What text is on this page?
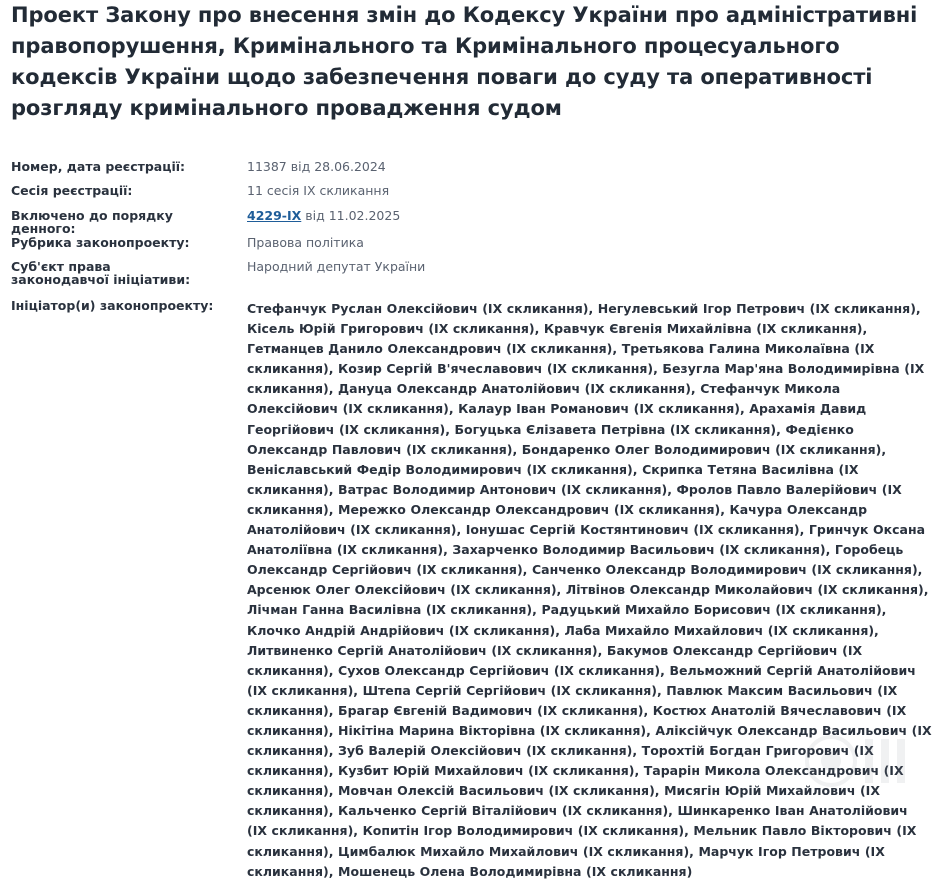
Проект Закону про внесення змін до Кодексу України про адміністративні правопорушення, Кримінального та Кримінального процесуального кодексів України щодо забезпечення поваги до суду та оперативності розгляду кримінального провадження судом
Номер, дата реєстрації:	11387 від 28.06.2024
Сесія реєстрації:	11 сесія IX скликання
Включено до порядку денного:
4229-IX від 11.02.2025
Рубрика законопроекту:	Правова політика
Суб'єкт права законодавчої ініціативи:
Народний депутат України
Ініціатор(и) законопроекту:	Стефанчук Руслан Олексійович (IX скликання), Негулевський Ігор Петрович (IX скликання), Кісель Юрій Григорович (IX скликання), Кравчук Євгенія Михайлівна (IX скликання), Гетманцев Данило Олександрович (IX скликання), Третьякова Галина Миколаївна (IX скликання), Козир Сергій В'ячеславович (IX скликання), Безугла Мар'яна Володимирівна (IX скликання), Дануца Олександр Анатолійович (IX скликання), Стефанчук Микола Олексійович (IX скликання), Калаур Іван Романович (IX скликання), Арахамія Давид Георгійович (IX скликання), Богуцька Єлізавета Петрівна (IX скликання), Федієнко Олександр Павлович (IX скликання), Бондаренко Олег Володимирович (IX скликання), Веніславський Федір Володимирович (IX скликання), Скрипка Тетяна Василівна (IX скликання), Ватрас Володимир Антонович (IX скликання), Фролов Павло Валерійович (IX скликання), Мережко Олександр Олександрович (IX скликання), Качура Олександр Анатолійович (IX скликання), Іонушас Сергій Костянтинович (IX скликання), Гринчук Оксана Анатоліївна (IX скликання), Захарченко Володимир Васильович (IX скликання), Горобець Олександр Сергійович (IX скликання), Санченко Олександр Володимирович (IX скликання), Арсенюк Олег Олексійович (IX скликання), Літвінов Олександр Миколайович (IX скликання), Лічман Ганна Василівна (IX скликання), Радуцький Михайло Борисович (IX скликання), Клочко Андрій Андрійович (IX скликання), Лаба Михайло Михайлович (IX скликання), Литвиненко Сергій Анатолійович (IX скликання), Бакумов Олександр Сергійович (IX скликання), Сухов Олександр Сергійович (IX скликання), Вельможний Сергій Анатолійович (IX скликання), Штепа Сергій Сергійович (IX скликання), Павлюк Максим Васильович (IX скликання), Брагар Євгеній Вадимович (IX скликання), Костюх Анатолій Вячеславович (IX скликання), Нікітіна Марина Вікторівна (IX скликання), Аліксійчук Олександр Васильович (IX скликання), Зуб Валерій Олексійович (IX скликання), Торохтій Богдан Григорович (IX скликання), Кузбит Юрій Михайлович (IX скликання), Тарарін Микола Олександрович (IX скликання), Мовчан Олексій Васильович (IX скликання), Мисягін Юрій Михайлович (IX скликання), Кальченко Сергій Віталійович (IX скликання), Шинкаренко Іван Анатолійович (IX скликання), Копитін Ігор Володимирович (IX скликання), Мельник Павло Вікторович (IX скликання), Цимбалюк Михайло Михайлович (IX скликання), Марчук Ігор Петрович (IX скликання), Мошенець Олена Володимирівна (IX скликання)
